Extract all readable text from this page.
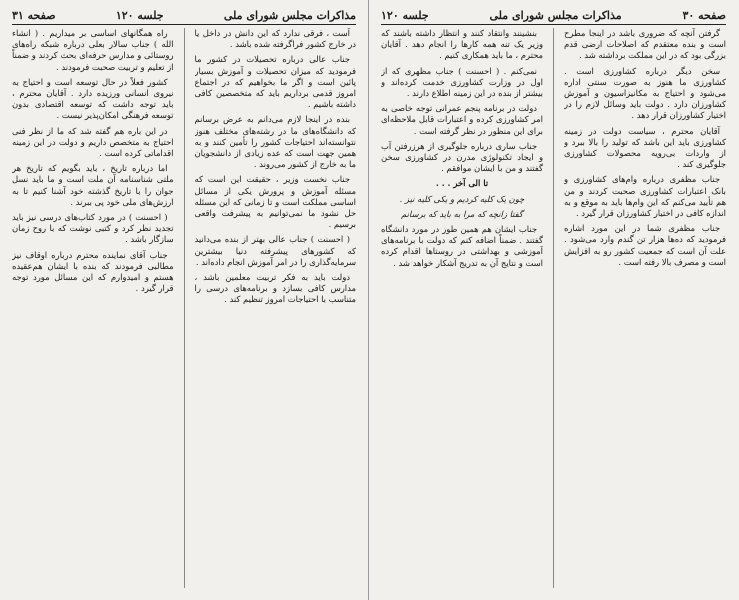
مذاکرات مجلس شورای ملی
جلسه ۱۲۰
صفحه ۳۱

اَست ، فرقی ندارد که این دانش در داخل یا در خارج کشور فراگرفته شده باشد .

جناب عالی درباره تحصیلات در کشور ما فرمودید که میزان تحصیلات و آموزش بسیار پائین است و اگر ما بخواهیم که در اجتماع امروز قدمی برداریم باید که متخصصین کافی داشته باشیم .

بنده در اینجا لازم می‌دانم به عرض برسانم که دانشگاه‌های ما در رشته‌های مختلف هنوز نتوانسته‌اند احتیاجات کشور را تأمین کنند و به همین جهت است که عده زیادی از دانشجویان ما به خارج از کشور می‌روند .

جناب نخست وزیر ، حقیقت این است که مسئله آموزش و پرورش یکی از مسائل اساسی مملکت است و تا زمانی که این مسئله حل نشود ما نمی‌توانیم به پیشرفت واقعی برسیم .

( احسنت ) جناب عالی بهتر از بنده می‌دانید که کشورهای پیشرفته دنیا بیشترین سرمایه‌گذاری را در امر آموزش انجام داده‌اند .

دولت باید به فکر تربیت معلمین باشد ، مدارس کافی بسازد و برنامه‌های درسی را متناسب با احتیاجات امروز تنظیم کند .

راه همگانهای اساسی بر میداریم . ( انشاء الله ) جناب سالار بعلی درباره شبکه راه‌های روستائی و مدارس حرفه‌ای بحث کردند و ضمناً از تعلیم و تربیت صحبت فرمودند .

کشور فعلاً در حال توسعه است و احتیاج به نیروی انسانی ورزیده دارد . آقایان محترم ، باید توجه داشت که توسعه اقتصادی بدون توسعه فرهنگی امکان‌پذیر نیست .

در این باره هم گفته شد که ما از نظر فنی احتیاج به متخصص داریم و دولت در این زمینه اقداماتی کرده است .

اما درباره تاریخ ، باید بگویم که تاریخ هر ملتی شناسنامه آن ملت است و ما باید نسل جوان را با تاریخ گذشته خود آشنا کنیم تا به ارزش‌های ملی خود پی ببرند .

( احسنت ) در مورد کتاب‌های درسی نیز باید تجدید نظر کرد و کتبی نوشت که با روح زمان سازگار باشد .

جناب آقای نماینده محترم درباره اوقاف نیز مطالبی فرمودند که بنده با ایشان هم‌عقیده هستم و امیدوارم که این مسائل مورد توجه قرار گیرد .

صفحه ۳۰
مذاکرات مجلس شورای ملی
جلسه ۱۲۰

گرفتن آنچه که ضروری باشد در اینجا مطرح است و بنده معتقدم که اصلاحات ارضی قدم بزرگی بود که در این مملکت برداشته شد .

سخن دیگر درباره کشاورزی است . کشاورزی ما هنوز به صورت سنتی اداره می‌شود و احتیاج به مکانیزاسیون و آموزش کشاورزان دارد . دولت باید وسائل لازم را در اختیار کشاورزان قرار دهد .

آقایان محترم ، سیاست دولت در زمینه کشاورزی باید این باشد که تولید را بالا ببرد و از واردات بی‌رویه محصولات کشاورزی جلوگیری کند .

جناب مظفری درباره وام‌های کشاورزی و بانک اعتبارات کشاورزی صحبت کردند و من هم تأیید می‌کنم که این وام‌ها باید به موقع و به اندازه کافی در اختیار کشاورزان قرار گیرد .

جناب مظفری شما در این مورد اشاره فرمودید که ده‌ها هزار تن گندم وارد می‌شود . علت آن است که جمعیت کشور رو به افزایش است و مصرف بالا رفته است .

بنشینند وانتقاد کنند و انتظار داشته باشند که وزیر یک تنه همه کارها را انجام دهد . آقایان محترم ، ما باید همکاری کنیم .

نمی‌کنم . ( احسنت ) جناب مظهری که از اول در وزارت کشاورزی خدمت کرده‌اند و بیشتر از بنده در این زمینه اطلاع دارند .

دولت در برنامه پنجم عمرانی توجه خاصی به امر کشاورزی کرده و اعتبارات قابل ملاحظه‌ای برای این منظور در نظر گرفته است .

جناب ساری درباره جلوگیری از هرزرفتن آب و ایجاد تکنولوژی مدرن در کشاورزی سخن گفتند و من با ایشان موافقم .

تا الی آخر . . .

چون یک کلیه کردیم و یکی کلیه نیز .

گفتا زانچه که مرا به باید که برسانم

جناب ایشان هم همین طور در مورد دانشگاه گفتند . ضمناً اضافه کنم که دولت با برنامه‌های آموزشی و بهداشتی در روستاها اقدام کرده است و نتایج آن به تدریج آشکار خواهد شد .
